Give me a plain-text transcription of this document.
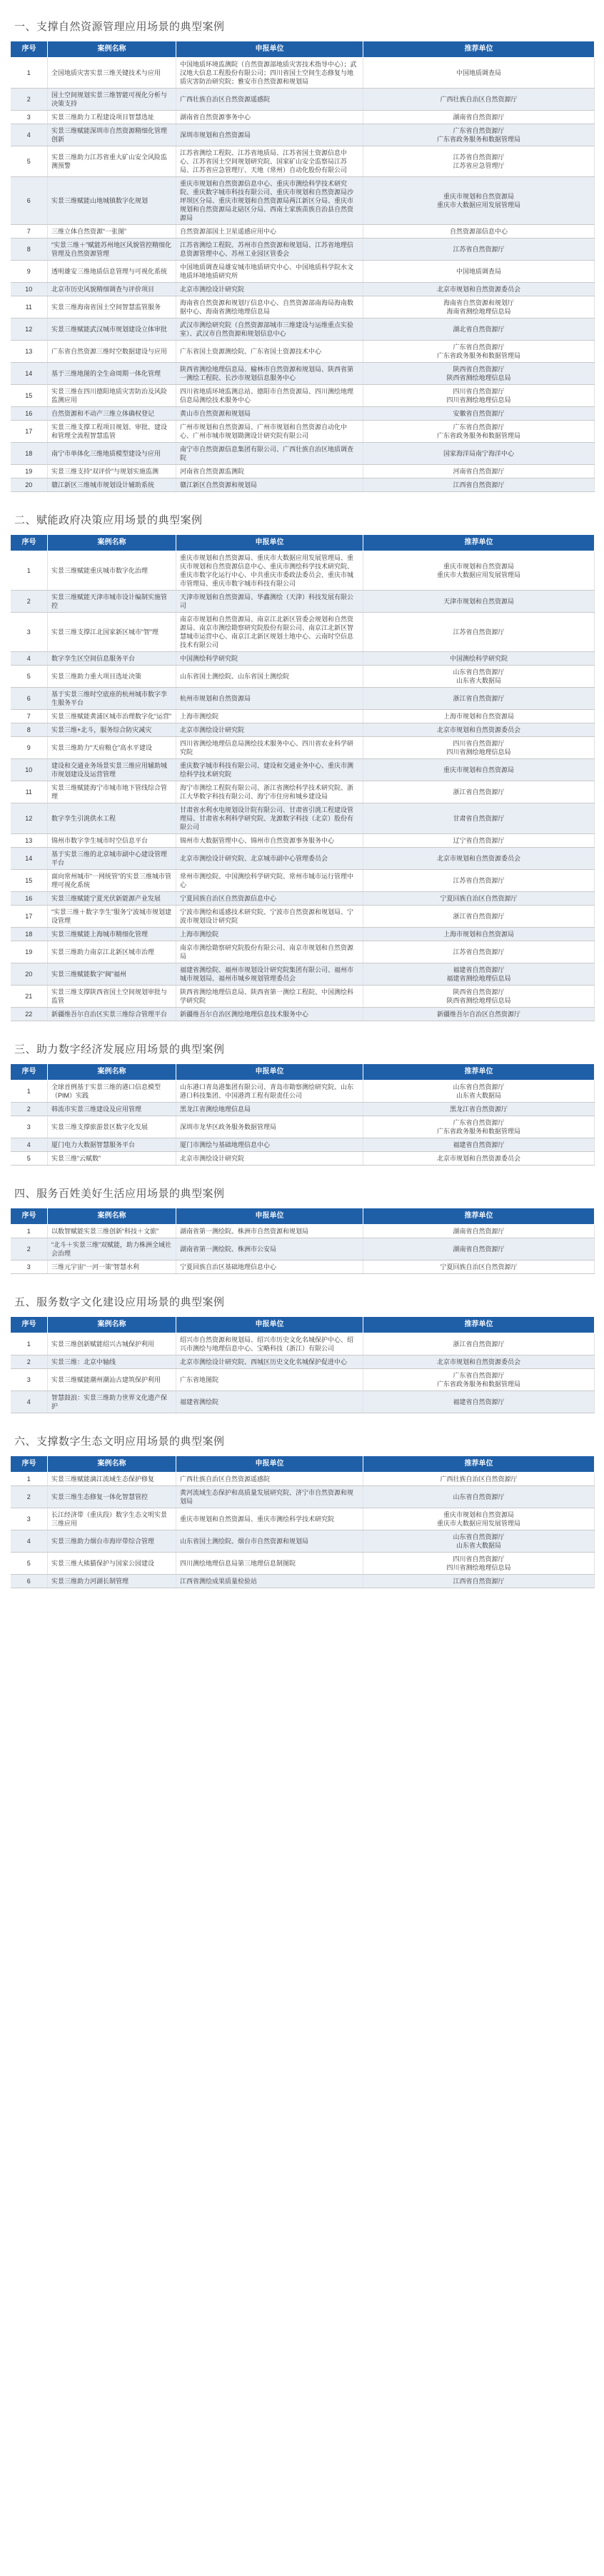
一、支撑自然资源管理应用场景的典型案例
序号	案例名称	申报单位	推荐单位

1	全国地质灾害实景三维关键技术与应用	中国地质环境监测院（自然资源部地质灾害技术指导中心）；武汉地大信息工程股份有限公司；四川省国土空间生态修复与地质灾害防治研究院；雅安市自然资源和规划局	中国地质调查局

2	国土空间规划实景三维智能可视化分析与决策支持	广西壮族自治区自然资源遥感院	广西壮族自治区自然资源厅

3	实景三维助力工程建设项目智慧选址	湖南省自然资源事务中心	湖南省自然资源厅

4	实景三维赋能深圳市自然资源精细化管理创新	深圳市规划和自然资源局	广东省自然资源厅
广东省政务服务和数据管理局

5	实景三维助力江苏省重大矿山安全风险监测预警	江苏省测绘工程院、江苏省地质局、江苏省国土资源信息中心、江苏省国土空间规划研究院、国家矿山安全监察局江苏局、江苏省应急管理厅、天地（常州）自动化股份有限公司	江苏省自然资源厅
江苏省应急管理厅

6	实景三维赋能山地城镇数字化规划	重庆市规划和自然资源信息中心、重庆市测绘科学技术研究院、重庆数字城市科技有限公司、重庆市规划和自然资源局沙坪坝区分局、重庆市规划和自然资源局两江新区分局、重庆市规划和自然资源局北碚区分局、西南土家族苗族自治县自然资源局	重庆市规划和自然资源局
重庆市大数据应用发展管理局

7	三维立体自然资源“一张图”	自然资源部国土卫星遥感应用中心	自然资源部信息中心

8	“实景三维＋”赋能苏州地区风貌管控精细化管理及自然资源管理	江苏省测绘工程院、苏州市自然资源和规划局、江苏省地理信息资源管理中心、苏州工业园区管委会	江苏省自然资源厅

9	透明雄安三维地质信息管理与可视化系统	中国地质调查局雄安城市地质研究中心、中国地质科学院水文地质环境地质研究所	中国地质调查局

10	北京市历史风貌精细调查与评价项目	北京市测绘设计研究院	北京市规划和自然资源委员会

11	实景三维海南省国土空间智慧监管服务	海南省自然资源和规划厅信息中心、自然资源部南海局海南数据中心、海南省测绘地理信息局	海南省自然资源和规划厅
海南省测绘地理信息局

12	实景三维赋能武汉城市规划建设立体审批	武汉市测绘研究院（自然资源部城市三维建设与运维重点实验室）、武汉市自然资源和规划信息中心	湖北省自然资源厅

13	广东省自然资源三维时空数据建设与应用	广东省国土资源测绘院、广东省国土资源技术中心	广东省自然资源厅
广东省政务服务和数据管理局

14	基于三维地图的全生命周期一体化管理	陕西省测绘地理信息局、榆林市自然资源和规划局、陕西省第一测绘工程院、长沙市规划信息服务中心	陕西省自然资源厅
陕西省测绘地理信息局

15	实景三维在四川德阳地质灾害防治及风险监测应用	四川省地质环境监测总站、德阳市自然资源局、四川测绘地理信息局测绘技术服务中心	四川省自然资源厅
四川省测绘地理信息局

16	自然资源和不动产三维立体确权登记	黄山市自然资源和规划局	安徽省自然资源厅

17	实景三维支撑工程项目规划、审批、建设和管理全流程智慧监管	广州市规划和自然资源局、广州市规划和自然资源自动化中心、广州市城市规划勘测设计研究院有限公司	广东省自然资源厅
广东省政务服务和数据管理局

18	南宁市单体化三维地质模型建设与应用	南宁市自然资源信息集团有限公司、广西壮族自治区地质调查院	国家海洋局南宁海洋中心

19	实景三维支持“双评价”与规划实施监测	河南省自然资源监测院	河南省自然资源厅

20	赣江新区三维城市规划设计辅助系统	赣江新区自然资源和规划局	江西省自然资源厅
二、赋能政府决策应用场景的典型案例
序号	案例名称	申报单位	推荐单位

1	实景三维赋能重庆城市数字化治理	重庆市规划和自然资源局、重庆市大数据应用发展管理局、重庆市规划和自然资源信息中心、重庆市测绘科学技术研究院、重庆市数字化运行中心、中共重庆市委政法委员会、重庆市城市管理局、重庆市数字城市科技有限公司	重庆市规划和自然资源局
重庆市大数据应用发展管理局

2	实景三维赋能天津市城市设计编制实施管控	天津市规划和自然资源局、华鑫测绘（天津）科技发展有限公司	天津市规划和自然资源局

3	实景三维支撑江北国家新区城市“智”理	南京市规划和自然资源局、南京江北新区管委会规划和自然资源局、南京市测绘勘察研究院股份有限公司、南京江北新区智慧城市运营中心、南京江北新区规划土地中心、云南时空信息技术有限公司	江苏省自然资源厅

4	数字孪生区空间信息服务平台	中国测绘科学研究院	中国测绘科学研究院

5	实景三维助力重大项目选址决策	山东省国土测绘院、山东省国土测绘院	山东省自然资源厅
山东省大数据局

6	基于实景三维时空底座的杭州城市数字孪生服务平台	杭州市规划和自然资源局	浙江省自然资源厅

7	实景三维赋能黄浦区城市治理数字化“运营”	上海市测绘院	上海市规划和自然资源局

8	实景三维+北斗，服务综合防灾减灾	北京市测绘设计研究院	北京市规划和自然资源委员会

9	实景三维助力“天府粮仓”高水平建设	四川省测绘地理信息局测绘技术服务中心、四川省农业科学研究院	四川省自然资源厅
四川省测绘地理信息局

10	建设和交通业务场景实景三维应用辅助城市规划建设及运营管理	重庆数字城市科技有限公司、建设和交通业务中心、重庆市测绘科学技术研究院	重庆市规划和自然资源局

11	实景三维赋能海宁市城市地下管线综合管理	海宁市测绘工程院有限公司、浙江省测绘科学技术研究院、浙江大华数字科技有限公司、海宁市住房和城乡建设局	浙江省自然资源厅

12	数字孪生引洮供水工程	甘肃省水利水电规划设计院有限公司、甘肃省引洮工程建设管理局、甘肃省水利科学研究院、龙源数字科技（北京）股份有限公司	甘肃省自然资源厅

13	锦州市数字孪生城市时空信息平台	锦州市大数据管理中心、锦州市自然资源事务服务中心	辽宁省自然资源厅

14	基于实景三维的北京城市副中心建设管理平台	北京市测绘设计研究院、北京城市副中心管理委员会	北京市规划和自然资源委员会

15	面向常州城市“一网统管”的实景三维城市管理可视化系统	常州市测绘院、中国测绘科学研究院、常州市城市运行管理中心	江苏省自然资源厅

16	实景三维赋能宁夏光伏新能源产业发展	宁夏回族自治区自然资源信息中心	宁夏回族自治区自然资源厅

17	“实景三维＋数字孪生”服务宁波城市规划建设管理	宁波市测绘和遥感技术研究院、宁波市自然资源和规划局、宁波市规划设计研究院	浙江省自然资源厅

18	实景三维赋能上海城市精细化管理	上海市测绘院	上海市规划和自然资源局

19	实景三维助力南京江北新区城市治理	南京市测绘勘察研究院股份有限公司、南京市规划和自然资源局	江苏省自然资源厅

20	实景三维赋能数字“闽”福州	福建省测绘院、福州市规划设计研究院集团有限公司、福州市城市规划局、福州市城乡规划管理委员会	福建省自然资源厅
福建省测绘地理信息局

21	实景三维支撑陕西省国土空间规划审批与监管	陕西省测绘地理信息局、陕西省第一测绘工程院、中国测绘科学研究院	陕西省自然资源厅
陕西省测绘地理信息局

22	新疆维吾尔自治区实景三维综合管理平台	新疆维吾尔自治区测绘地理信息技术服务中心	新疆维吾尔自治区自然资源厅
三、助力数字经济发展应用场景的典型案例
序号	案例名称	申报单位	推荐单位

1	全球首例基于实景三维的港口信息模型（PIM）实践	山东港口青岛港集团有限公司、青岛市勘察测绘研究院、山东港口科技集团、中国港湾工程有限责任公司	山东省自然资源厅
山东省大数据局

2	韩流市实景三维建设及应用管理	黑龙江省测绘地理信息局	黑龙江省自然资源厅

3	实景三维支撑旅游景区数字化发展	深圳市龙华区政务服务数据管理局	广东省自然资源厅
广东省政务服务和数据管理局

4	厦门电力大数据智慧服务平台	厦门市测绘与基础地理信息中心	福建省自然资源厅

5	实景三维“云赋数”	北京市测绘设计研究院	北京市规划和自然资源委员会
四、服务百姓美好生活应用场景的典型案例
序号	案例名称	申报单位	推荐单位

1	以数智赋能实景三维创新“科技＋文旅”	湖南省第一测绘院、株洲市自然资源和规划局	湖南省自然资源厅

2	“北斗＋实景三维”双赋能，助力株洲全域社会治理	湖南省第一测绘院、株洲市公安局	湖南省自然资源厅

3	三维元宇宙“一河一策”智慧水利	宁夏回族自治区基础地理信息中心	宁夏回族自治区自然资源厅
五、服务数字文化建设应用场景的典型案例
序号	案例名称	申报单位	推荐单位

1	实景三维创新赋能绍兴古城保护利用	绍兴市自然资源和规划局、绍兴市历史文化名城保护中心、绍兴市测绘与地理信息中心、宝略科技（浙江）有限公司	浙江省自然资源厅

2	实景三维：北京中轴线	北京市测绘设计研究院、西城区历史文化名城保护促进中心	北京市规划和自然资源委员会

3	实景三维赋能潮州潮汕古建筑保护利用	广东省地图院	广东省自然资源厅
广东省政务服务和数据管理局

4	智慧鼓浪：实景三维助力世界文化遗产保护	福建省测绘院	福建省自然资源厅
六、支撑数字生态文明应用场景的典型案例
序号	案例名称	申报单位	推荐单位

1	实景三维赋能漓江流域生态保护修复	广西壮族自治区自然资源遥感院	广西壮族自治区自然资源厅

2	实景三维生态修复一体化智慧管控	黄河流域生态保护和高质量发展研究院、济宁市自然资源和规划局	山东省自然资源厅

3	长江经济带（重庆段）数字生态文明实景三维应用	重庆市规划和自然资源局、重庆市测绘科学技术研究院	重庆市规划和自然资源局
重庆市大数据应用发展管理局

4	实景三维助力烟台市海岸带综合管理	山东省国土测绘院、烟台市自然资源和规划局	山东省自然资源厅
山东省大数据局

5	实景三维大熊猫保护与国家公园建设	四川测绘地理信息局第三地理信息制图院	四川省自然资源厅
四川省测绘地理信息局

6	实景三维助力河湖长制管理	江西省测绘成果质量检验站	江西省自然资源厅
